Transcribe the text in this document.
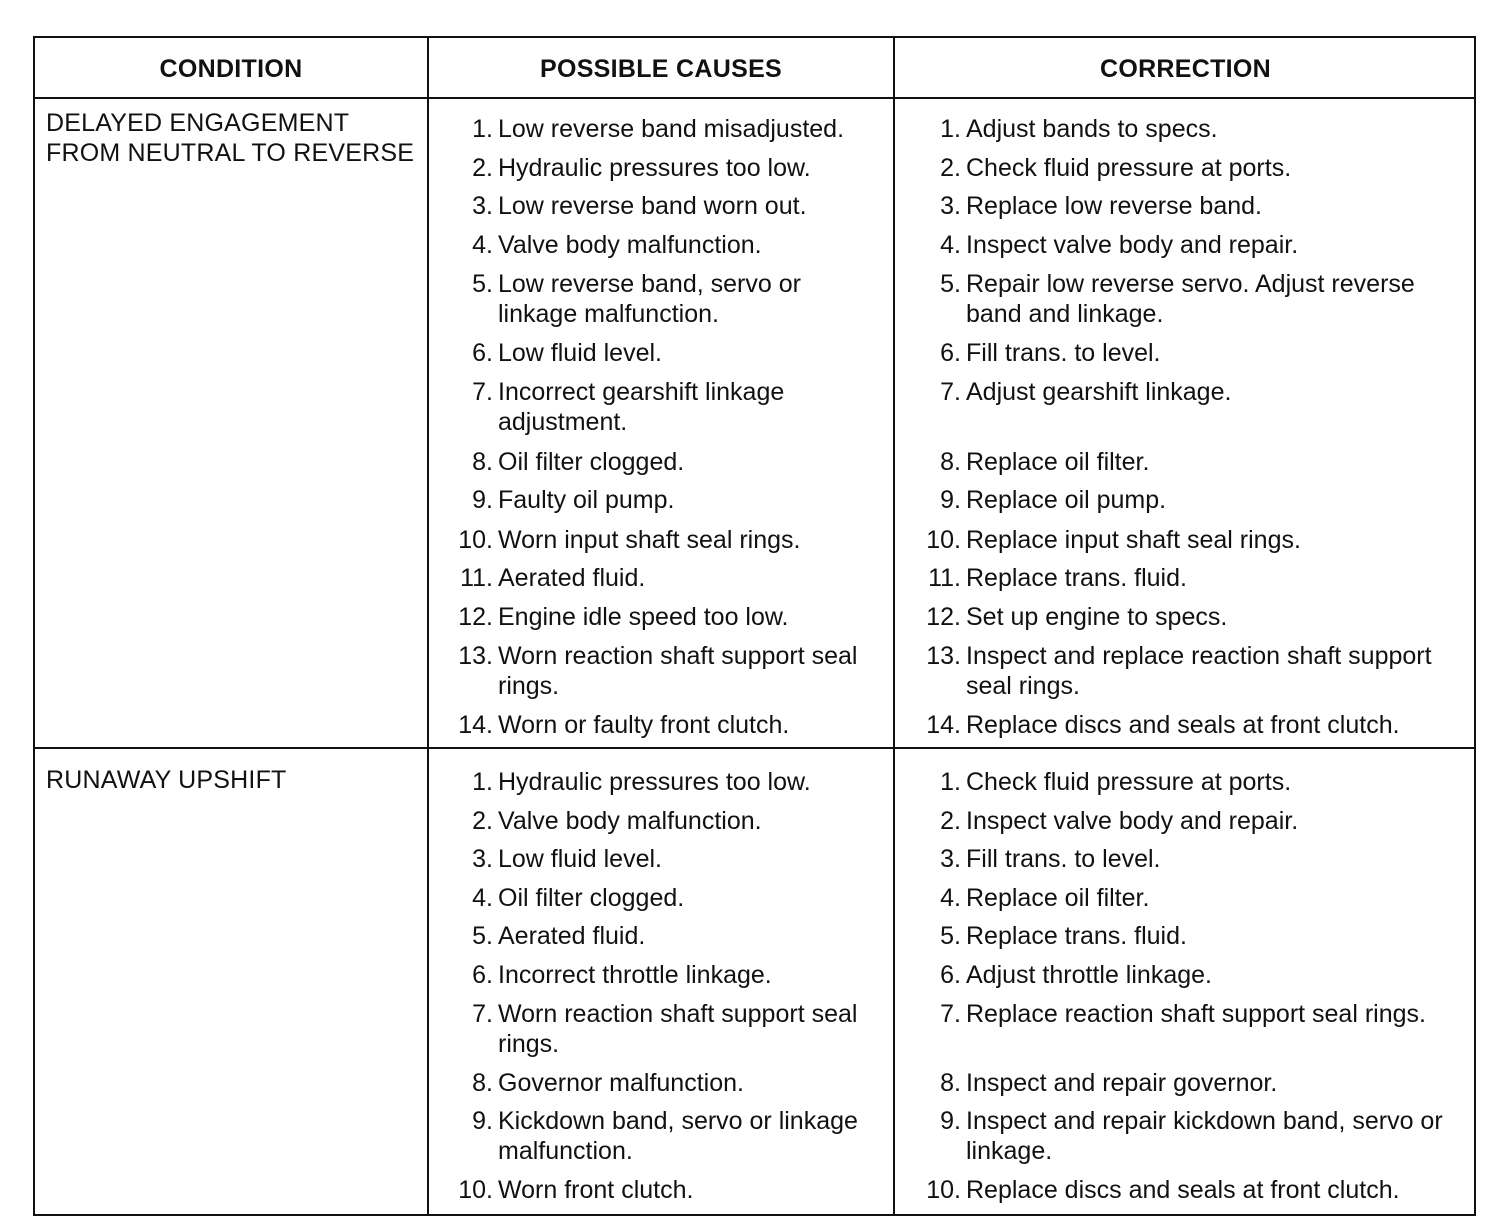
CONDITION	POSSIBLE CAUSES	CORRECTION
DELAYED ENGAGEMENT FROM NEUTRAL TO REVERSE
RUNAWAY UPSHIFT
1. Low reverse band misadjusted.
2. Hydraulic pressures too low.
3. Low reverse band worn out.
4. Valve body malfunction.
5. Low reverse band, servo or linkage malfunction.
6. Low fluid level.
7. Incorrect gearshift linkage adjustment.
8. Oil filter clogged.
9. Faulty oil pump.
10. Worn input shaft seal rings.
11. Aerated fluid.
12. Engine idle speed too low.
13. Worn reaction shaft support seal rings.
14. Worn or faulty front clutch.
1. Adjust bands to specs.
2. Check fluid pressure at ports.
3. Replace low reverse band.
4. Inspect valve body and repair.
5. Repair low reverse servo. Adjust reverse band and linkage.
6. Fill trans. to level.
7. Adjust gearshift linkage.
8. Replace oil filter.
9. Replace oil pump.
10. Replace input shaft seal rings.
11. Replace trans. fluid.
12. Set up engine to specs.
13. Inspect and replace reaction shaft support seal rings.
14. Replace discs and seals at front clutch.
1. Hydraulic pressures too low.
2. Valve body malfunction.
3. Low fluid level.
4. Oil filter clogged.
5. Aerated fluid.
6. Incorrect throttle linkage.
7. Worn reaction shaft support seal rings.
8. Governor malfunction.
9. Kickdown band, servo or linkage malfunction.
10. Worn front clutch.
1. Check fluid pressure at ports.
2. Inspect valve body and repair.
3. Fill trans. to level.
4. Replace oil filter.
5. Replace trans. fluid.
6. Adjust throttle linkage.
7. Replace reaction shaft support seal rings.
8. Inspect and repair governor.
9. Inspect and repair kickdown band, servo or linkage.
10. Replace discs and seals at front clutch.
